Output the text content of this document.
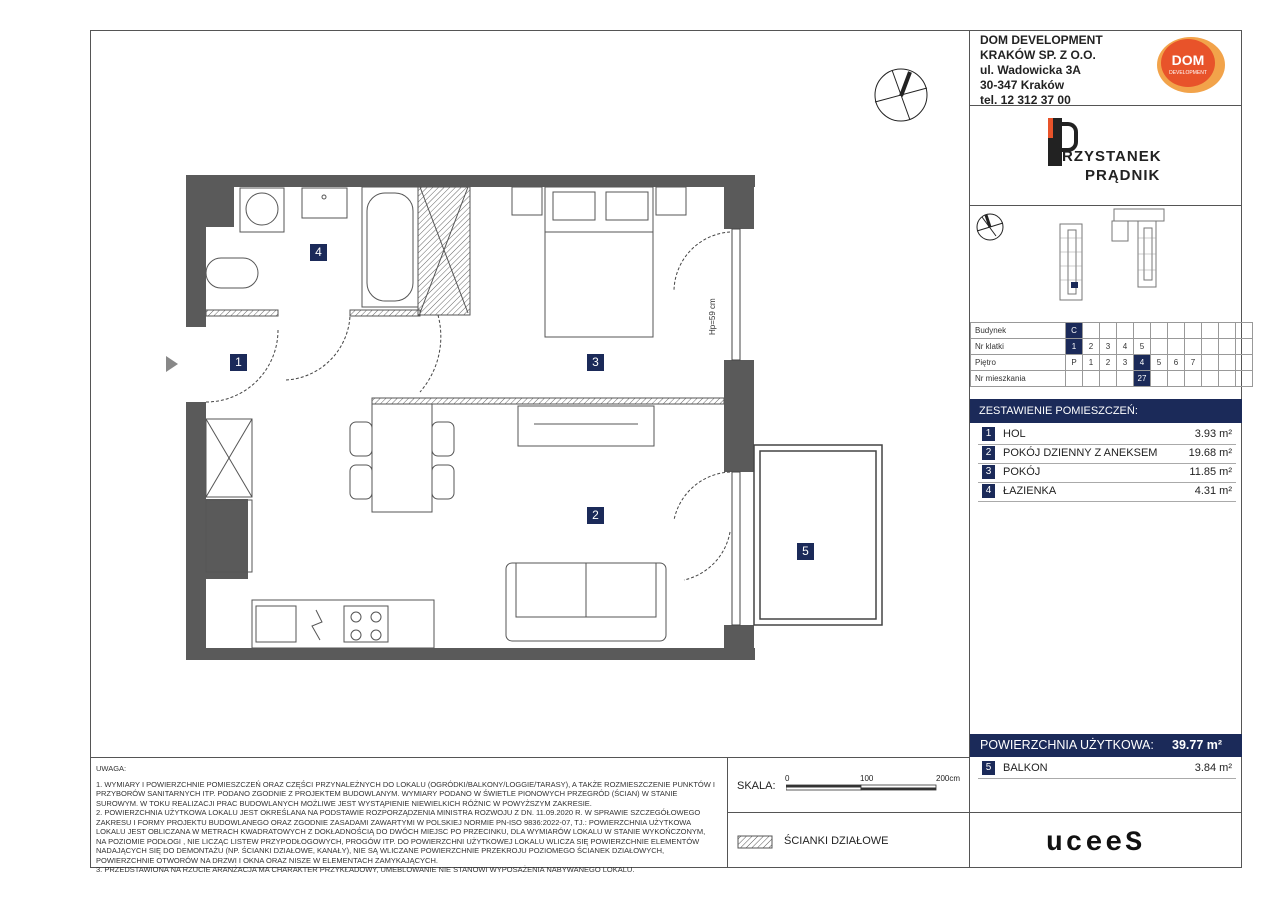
DOM DEVELOPMENT
KRAKÓW SP. Z O.O.
ul. Wadowicka 3A
30-347 Kraków
tel. 12 312 37 00
DOM
DEVELOPMENT
RZYSTANEK
PRĄDNIK
Budynek	C										
Nr klatki	1	2	3	4	5						
Piętro	P	1	2	3	4	5	6	7			
Nr mieszkania					27						
ZESTAWIENIE POMIESZCZEŃ:
1	HOL	3.93 m²
2	POKÓJ DZIENNY Z ANEKSEM	19.68 m²
3	POKÓJ	11.85 m²
4	ŁAZIENKA	4.31 m²
POWIERZCHNIA UŻYTKOWA: 39.77 m²
5	BALKON	3.84 m²
uceeS

UWAGA:

1. WYMIARY I POWIERZCHNIE POMIESZCZEŃ ORAZ CZĘŚCI PRZYNALEŻNYCH DO LOKALU (OGRÓDKI/BALKONY/LOGGIE/TARASY), A TAKŻE ROZMIESZCZENIE PUNKTÓW I PRZYBORÓW SANITARNYCH ITP. PODANO ZGODNIE Z PROJEKTEM BUDOWLANYM. WYMIARY PODANO W ŚWIETLE PIONOWYCH PRZEGRÓD (ŚCIAN) W STANIE SUROWYM. W TOKU REALIZACJI PRAC BUDOWLANYCH MOŻLIWE JEST WYSTĄPIENIE NIEWIELKICH RÓŻNIC W POWYŻSZYM ZAKRESIE.

2. POWIERZCHNIA UŻYTKOWA LOKALU JEST OKREŚLANA NA PODSTAWIE ROZPORZĄDZENIA MINISTRA ROZWOJU Z DN. 11.09.2020 R. W SPRAWIE SZCZEGÓŁOWEGO ZAKRESU I FORMY PROJEKTU BUDOWLANEGO ORAZ ZGODNIE ZASADAMI ZAWARTYMI W POLSKIEJ NORMIE PN-ISO 9836:2022-07, TJ.: POWIERZCHNIA UŻYTKOWA LOKALU JEST OBLICZANA W METRACH KWADRATOWYCH Z DOKŁADNOŚCIĄ DO DWÓCH MIEJSC PO PRZECINKU, DLA WYMIARÓW LOKALU W STANIE WYKOŃCZONYM, NA POZIOMIE PODŁOGI , NIE LICZĄC LISTEW PRZYPODŁOGOWYCH, PROGÓW ITP. DO POWIERZCHNI UŻYTKOWEJ LOKALU WLICZA SIĘ POWIERZCHNIE ELEMENTÓW NADAJĄCYCH SIĘ DO DEMONTAŻU (NP. ŚCIANKI DZIAŁOWE, KANAŁY), NIE SĄ WLICZANE POWIERZCHNIE PRZEKROJU POZIOMEGO ŚCIANEK DZIAŁOWYCH, POWIERZCHNIE OTWORÓW NA DRZWI I OKNA ORAZ NISZE W ELEMENTACH ZAMYKAJĄCYCH.

3. PRZEDSTAWIONA NA RZUCIE ARANŻACJA MA CHARAKTER PRZYKŁADOWY, UMEBLOWANIE NIE STANOWI WYPOSAŻENIA NABYWANEGO LOKALU.

SKALA:
0	100	200cm
ŚCIANKI DZIAŁOWE
Hp=59 cm
1
2
3
4
5
